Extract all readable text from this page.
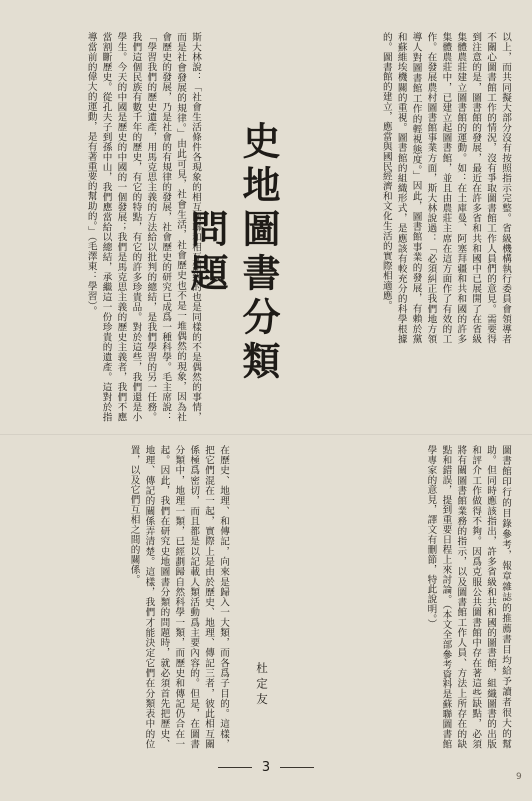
以上，而共同擬大部分沒有按照指示完整。省級機構執行委員會領導者不關心圖書館工作的情況，沒有爭取圖書館工作人員們的意見。需要得到注意的是，圖書館的發展，最近在許多省和共和國中已展開了在省級集體農莊建立圖書館的運動。如：在土庫曼、阿塞拜疆和共和國的許多集體農莊中，已建立起圖書館，並且由農莊主席在這方面作了有效的工作。在發展農村圖書館事業方面，斯大林說過：「必須糾正我們地方領導人對圖書館工作的輕視態度。」因此，圖書館事業的發展，有賴於黨和蘇維埃機關的重視。圖書館的組織形式，是應該有較充分的科學根據的。圖書館的建立，應當與國民經濟和文化生活的實際相適應。
斯大林說：「社會生活條件各現象的相互關聯和相互制約的也是同樣的不是偶然的事情，而是社會發展的規律。」由此可見，社會生活，社會歷史也不是一堆偶然的現象，因為社會歷史的發展，乃是社會的有規律的發展，社會歷史的研究已成爲一種科學。毛主席說：「學習我們的歷史遺產，用馬克思主義的方法給以批判的總結，是我們學習的另一任務。我們這個民族有數千年的歷史，有它的特點，有它的許多珍貴品。對於這些，我們還是小學生。今天的中國是歷史的中國的一個發展；我們是馬克思主義的歷史主義者，我們不應當割斷歷史。從孔夫子到孫中山，我們應當給以總結，承繼這一份珍貴的遺產。這對於指導當前的偉大的運動，是有著重要的幫助的。」（毛澤東：學習）。	史地圖書分類問題
圖書館印行的目錄參考，報章雜誌的推薦書目均給予讀者很大的幫助。但同時應該指出，許多省級和共和國的圖書館，組織圖書的出版和評介工作做得不夠。因爲克服公共圖書館中存在著這些缺點，必須將有關圖書館業務的指示，以及圖書館工作人員、方法上所存在的缺點和錯誤，提到重要日程上來討論。（本文全部參考資料是蘇聯圖書館學專家的意見，譯文有刪節，特此說明。）
在歷史、地理、和傳記，向來是歸入一大類，而各爲子目的。這樣，把它們混在一起，實際上是由於歷史、地理、傳記三者，彼此相互關係極爲密切，而且都是以記載人類活動爲主要內容的。但是，在圖書分類中，地理一類，已經劃歸自然科學一類，而歷史和傳記仍合在一起。因此，我們在研究史地圖書分類的問題時，就必須首先把歷史、地理、傳記的關係弄清楚。這樣，我們才能決定它們在分類表中的位置，以及它們互相之間的關係。
杜定友
3
9
